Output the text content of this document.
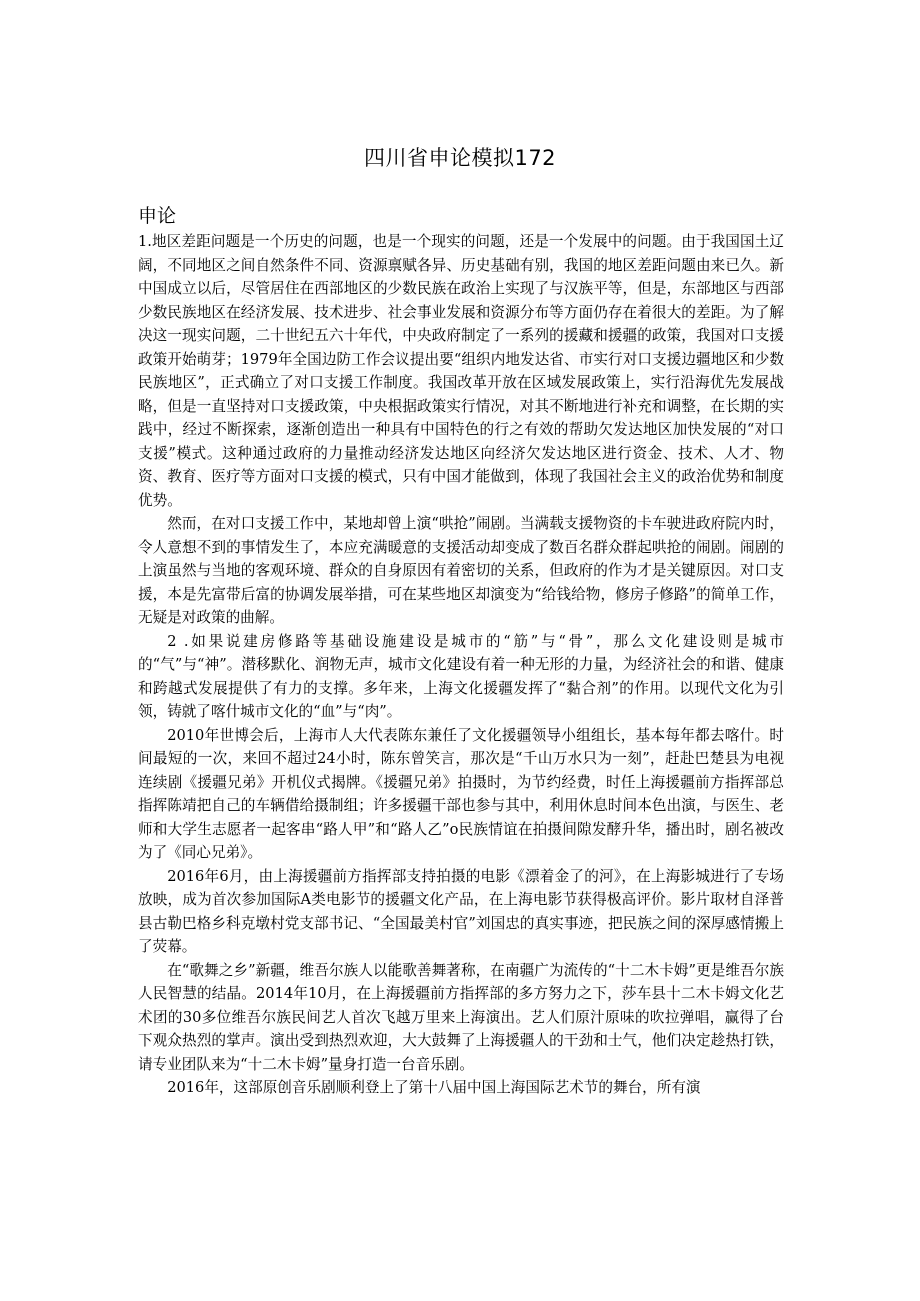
四川省申论模拟172
申论

1.地区差距问题是一个历史的问题，也是一个现实的问题，还是一个发展中的问题。由于我国国土辽阔，不同地区之间自然条件不同、资源禀赋各异、历史基础有别，我国的地区差距问题由来已久。新中国成立以后，尽管居住在西部地区的少数民族在政治上实现了与汉族平等，但是，东部地区与西部少数民族地区在经济发展、技术进步、社会事业发展和资源分布等方面仍存在着很大的差距。为了解决这一现实问题，二十世纪五六十年代，中央政府制定了一系列的援藏和援疆的政策，我国对口支援政策开始萌芽；1979年全国边防工作会议提出要“组织内地发达省、市实行对口支援边疆地区和少数民族地区”，正式确立了对口支援工作制度。我国改革开放在区域发展政策上，实行沿海优先发展战略，但是一直坚持对口支援政策，中央根据政策实行情况，对其不断地进行补充和调整，在长期的实践中，经过不断探索，逐渐创造出一种具有中国特色的行之有效的帮助欠发达地区加快发展的“对口支援”模式。这种通过政府的力量推动经济发达地区向经济欠发达地区进行资金、技术、人才、物资、教育、医疗等方面对口支援的模式，只有中国才能做到，体现了我国社会主义的政治优势和制度优势。

然而，在对口支援工作中，某地却曾上演“哄抢”闹剧。当满载支援物资的卡车驶进政府院内时，令人意想不到的事情发生了，本应充满暖意的支援活动却变成了数百名群众群起哄抢的闹剧。闹剧的上演虽然与当地的客观环境、群众的自身原因有着密切的关系，但政府的作为才是关键原因。对口支援，本是先富带后富的协调发展举措，可在某些地区却演变为“给钱给物，修房子修路”的简单工作，无疑是对政策的曲解。

2 .如果说建房修路等基础设施建设是城市的“筋”与“骨”，那么文化建设则是城市的“气”与“神”。潜移默化、润物无声，城市文化建设有着一种无形的力量，为经济社会的和谐、健康和跨越式发展提供了有力的支撑。多年来，上海文化援疆发挥了“黏合剂”的作用。以现代文化为引领，铸就了喀什城市文化的“血”与“肉”。

2010年世博会后，上海市人大代表陈东兼任了文化援疆领导小组组长，基本每年都去喀什。时间最短的一次，来回不超过24小时，陈东曾笑言，那次是“千山万水只为一刻”，赶赴巴楚县为电视连续剧《援疆兄弟》开机仪式揭牌。《援疆兄弟》拍摄时，为节约经费，时任上海援疆前方指挥部总指挥陈靖把自己的车辆借给摄制组；许多援疆干部也参与其中，利用休息时间本色出演，与医生、老师和大学生志愿者一起客串“路人甲”和“路人乙”o民族情谊在拍摄间隙发酵升华，播出时，剧名被改为了《同心兄弟》。

2016年6月，由上海援疆前方指挥部支持拍摄的电影《漂着金了的河》，在上海影城进行了专场放映，成为首次参加国际A类电影节的援疆文化产品，在上海电影节获得极高评价。影片取材自泽普县古勒巴格乡科克墩村党支部书记、“全国最美村官”刘国忠的真实事迹，把民族之间的深厚感情搬上了荧幕。

在“歌舞之乡”新疆，维吾尔族人以能歌善舞著称，在南疆广为流传的“十二木卡姆”更是维吾尔族人民智慧的结晶。2014年10月，在上海援疆前方指挥部的多方努力之下，莎车县十二木卡姆文化艺术团的30多位维吾尔族民间艺人首次飞越万里来上海演出。艺人们原汁原味的吹拉弹唱，赢得了台下观众热烈的掌声。演出受到热烈欢迎，大大鼓舞了上海援疆人的干劲和士气，他们决定趁热打铁，请专业团队来为“十二木卡姆”量身打造一台音乐剧。

2016年，这部原创音乐剧顺利登上了第十八届中国上海国际艺术节的舞台，所有演
